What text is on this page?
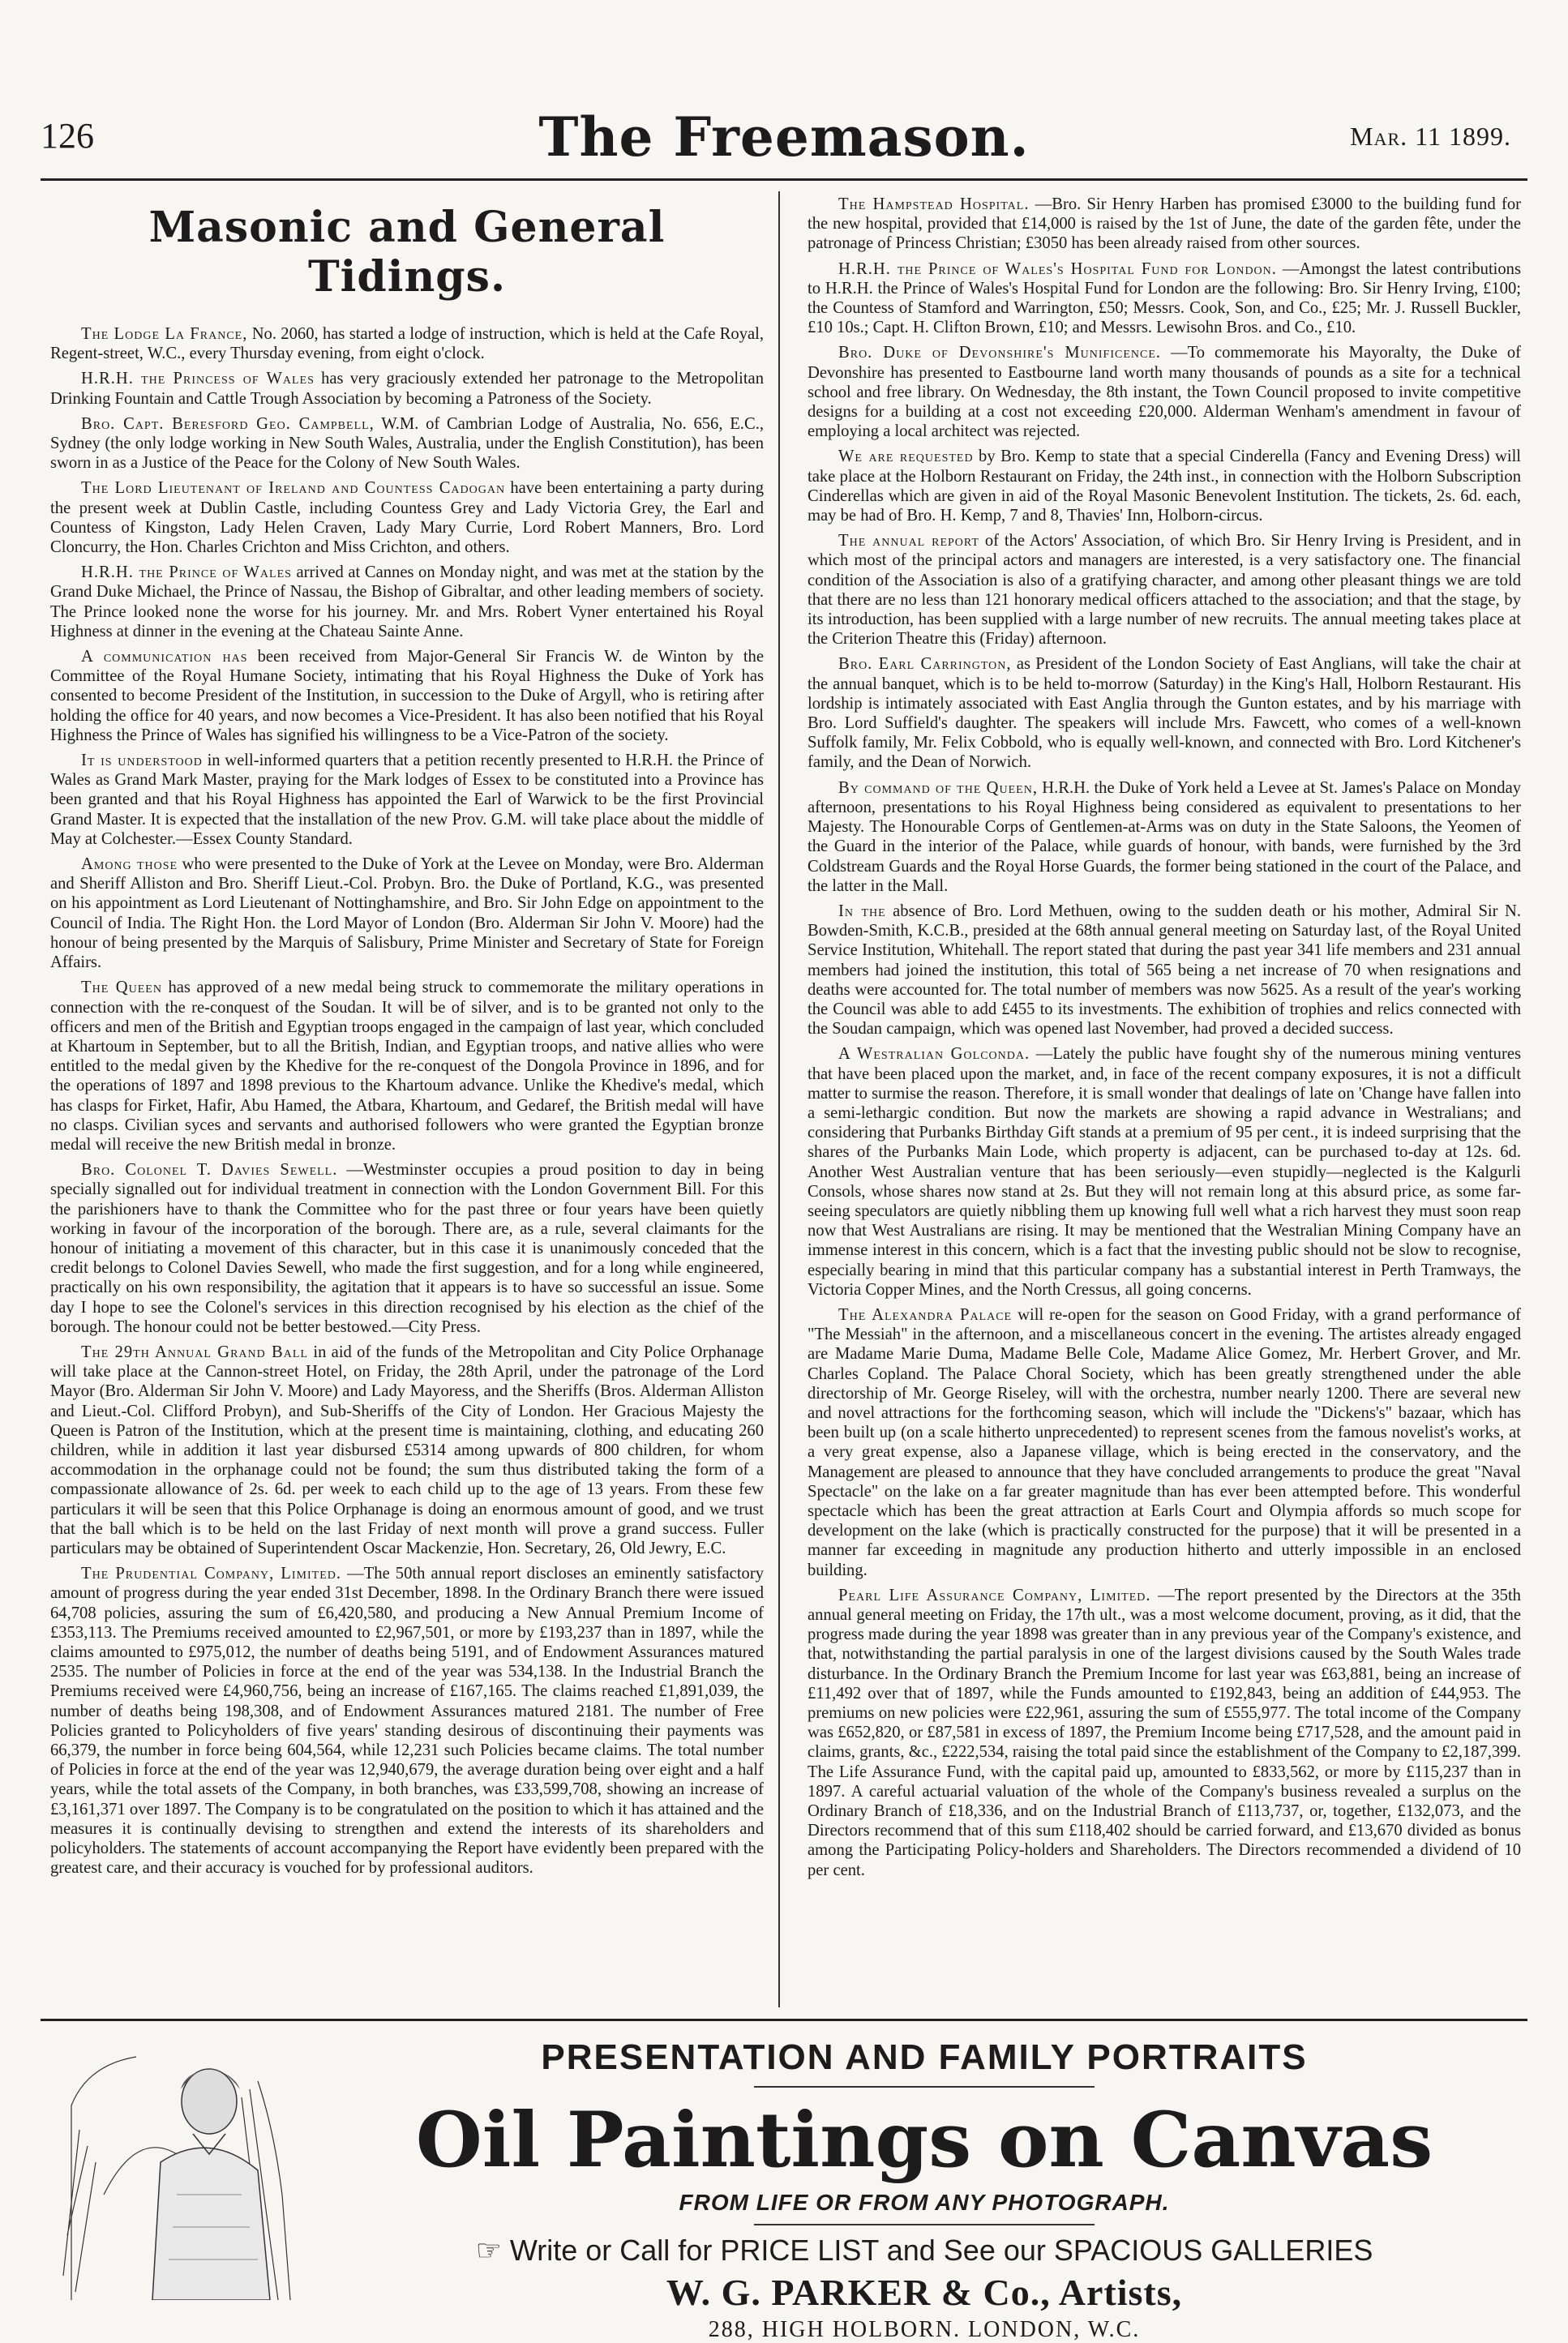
126	The Freemason.	Mar. 11 1899.
Masonic and General Tidings.

The Lodge La France, No. 2060, has started a lodge of instruction, which is held at the Cafe Royal, Regent-street, W.C., every Thursday evening, from eight o'clock.

H.R.H. the Princess of Wales has very graciously extended her patronage to the Metropolitan Drinking Fountain and Cattle Trough Association by becoming a Patroness of the Society.

Bro. Capt. Beresford Geo. Campbell, W.M. of Cambrian Lodge of Australia, No. 656, E.C., Sydney (the only lodge working in New South Wales, Australia, under the English Constitution), has been sworn in as a Justice of the Peace for the Colony of New South Wales.

The Lord Lieutenant of Ireland and Countess Cadogan have been entertaining a party during the present week at Dublin Castle, including Countess Grey and Lady Victoria Grey, the Earl and Countess of Kingston, Lady Helen Craven, Lady Mary Currie, Lord Robert Manners, Bro. Lord Cloncurry, the Hon. Charles Crichton and Miss Crichton, and others.

H.R.H. the Prince of Wales arrived at Cannes on Monday night, and was met at the station by the Grand Duke Michael, the Prince of Nassau, the Bishop of Gibraltar, and other leading members of society. The Prince looked none the worse for his journey. Mr. and Mrs. Robert Vyner entertained his Royal Highness at dinner in the evening at the Chateau Sainte Anne.

A communication has been received from Major-General Sir Francis W. de Winton by the Committee of the Royal Humane Society, intimating that his Royal Highness the Duke of York has consented to become President of the Institution, in succession to the Duke of Argyll, who is retiring after holding the office for 40 years, and now becomes a Vice-President. It has also been notified that his Royal Highness the Prince of Wales has signified his willingness to be a Vice-Patron of the society.

It is understood in well-informed quarters that a petition recently presented to H.R.H. the Prince of Wales as Grand Mark Master, praying for the Mark lodges of Essex to be constituted into a Province has been granted and that his Royal Highness has appointed the Earl of Warwick to be the first Provincial Grand Master. It is expected that the installation of the new Prov. G.M. will take place about the middle of May at Colchester.—Essex County Standard.

Among those who were presented to the Duke of York at the Levee on Monday, were Bro. Alderman and Sheriff Alliston and Bro. Sheriff Lieut.-Col. Probyn. Bro. the Duke of Portland, K.G., was presented on his appointment as Lord Lieutenant of Nottinghamshire, and Bro. Sir John Edge on appointment to the Council of India. The Right Hon. the Lord Mayor of London (Bro. Alderman Sir John V. Moore) had the honour of being presented by the Marquis of Salisbury, Prime Minister and Secretary of State for Foreign Affairs.

The Queen has approved of a new medal being struck to commemorate the military operations in connection with the re-conquest of the Soudan. It will be of silver, and is to be granted not only to the officers and men of the British and Egyptian troops engaged in the campaign of last year, which concluded at Khartoum in September, but to all the British, Indian, and Egyptian troops, and native allies who were entitled to the medal given by the Khedive for the re-conquest of the Dongola Province in 1896, and for the operations of 1897 and 1898 previous to the Khartoum advance. Unlike the Khedive's medal, which has clasps for Firket, Hafir, Abu Hamed, the Atbara, Khartoum, and Gedaref, the British medal will have no clasps. Civilian syces and servants and authorised followers who were granted the Egyptian bronze medal will receive the new British medal in bronze.

Bro. Colonel T. Davies Sewell. —Westminster occupies a proud position to day in being specially signalled out for individual treatment in connection with the London Government Bill. For this the parishioners have to thank the Committee who for the past three or four years have been quietly working in favour of the incorporation of the borough. There are, as a rule, several claimants for the honour of initiating a movement of this character, but in this case it is unanimously conceded that the credit belongs to Colonel Davies Sewell, who made the first suggestion, and for a long while engineered, practically on his own responsibility, the agitation that it appears is to have so successful an issue. Some day I hope to see the Colonel's services in this direction recognised by his election as the chief of the borough. The honour could not be better bestowed.—City Press.

The 29th Annual Grand Ball in aid of the funds of the Metropolitan and City Police Orphanage will take place at the Cannon-street Hotel, on Friday, the 28th April, under the patronage of the Lord Mayor (Bro. Alderman Sir John V. Moore) and Lady Mayoress, and the Sheriffs (Bros. Alderman Alliston and Lieut.-Col. Clifford Probyn), and Sub-Sheriffs of the City of London. Her Gracious Majesty the Queen is Patron of the Institution, which at the present time is maintaining, clothing, and educating 260 children, while in addition it last year disbursed £5314 among upwards of 800 children, for whom accommodation in the orphanage could not be found; the sum thus distributed taking the form of a compassionate allowance of 2s. 6d. per week to each child up to the age of 13 years. From these few particulars it will be seen that this Police Orphanage is doing an enormous amount of good, and we trust that the ball which is to be held on the last Friday of next month will prove a grand success. Fuller particulars may be obtained of Superintendent Oscar Mackenzie, Hon. Secretary, 26, Old Jewry, E.C.

The Prudential Company, Limited. —The 50th annual report discloses an eminently satisfactory amount of progress during the year ended 31st December, 1898. In the Ordinary Branch there were issued 64,708 policies, assuring the sum of £6,420,580, and producing a New Annual Premium Income of £353,113. The Premiums received amounted to £2,967,501, or more by £193,237 than in 1897, while the claims amounted to £975,012, the number of deaths being 5191, and of Endowment Assurances matured 2535. The number of Policies in force at the end of the year was 534,138. In the Industrial Branch the Premiums received were £4,960,756, being an increase of £167,165. The claims reached £1,891,039, the number of deaths being 198,308, and of Endowment Assurances matured 2181. The number of Free Policies granted to Policyholders of five years' standing desirous of discontinuing their payments was 66,379, the number in force being 604,564, while 12,231 such Policies became claims. The total number of Policies in force at the end of the year was 12,940,679, the average duration being over eight and a half years, while the total assets of the Company, in both branches, was £33,599,708, showing an increase of £3,161,371 over 1897. The Company is to be congratulated on the position to which it has attained and the measures it is continually devising to strengthen and extend the interests of its shareholders and policyholders. The statements of account accompanying the Report have evidently been prepared with the greatest care, and their accuracy is vouched for by professional auditors.

The Hampstead Hospital. —Bro. Sir Henry Harben has promised £3000 to the building fund for the new hospital, provided that £14,000 is raised by the 1st of June, the date of the garden fête, under the patronage of Princess Christian; £3050 has been already raised from other sources.

H.R.H. the Prince of Wales's Hospital Fund for London. —Amongst the latest contributions to H.R.H. the Prince of Wales's Hospital Fund for London are the following: Bro. Sir Henry Irving, £100; the Countess of Stamford and Warrington, £50; Messrs. Cook, Son, and Co., £25; Mr. J. Russell Buckler, £10 10s.; Capt. H. Clifton Brown, £10; and Messrs. Lewisohn Bros. and Co., £10.

Bro. Duke of Devonshire's Munificence. —To commemorate his Mayoralty, the Duke of Devonshire has presented to Eastbourne land worth many thousands of pounds as a site for a technical school and free library. On Wednesday, the 8th instant, the Town Council proposed to invite competitive designs for a building at a cost not exceeding £20,000. Alderman Wenham's amendment in favour of employing a local architect was rejected.

We are requested by Bro. Kemp to state that a special Cinderella (Fancy and Evening Dress) will take place at the Holborn Restaurant on Friday, the 24th inst., in connection with the Holborn Subscription Cinderellas which are given in aid of the Royal Masonic Benevolent Institution. The tickets, 2s. 6d. each, may be had of Bro. H. Kemp, 7 and 8, Thavies' Inn, Holborn-circus.

The annual report of the Actors' Association, of which Bro. Sir Henry Irving is President, and in which most of the principal actors and managers are interested, is a very satisfactory one. The financial condition of the Association is also of a gratifying character, and among other pleasant things we are told that there are no less than 121 honorary medical officers attached to the association; and that the stage, by its introduction, has been supplied with a large number of new recruits. The annual meeting takes place at the Criterion Theatre this (Friday) afternoon.

Bro. Earl Carrington, as President of the London Society of East Anglians, will take the chair at the annual banquet, which is to be held to-morrow (Saturday) in the King's Hall, Holborn Restaurant. His lordship is intimately associated with East Anglia through the Gunton estates, and by his marriage with Bro. Lord Suffield's daughter. The speakers will include Mrs. Fawcett, who comes of a well-known Suffolk family, Mr. Felix Cobbold, who is equally well-known, and connected with Bro. Lord Kitchener's family, and the Dean of Norwich.

By command of the Queen, H.R.H. the Duke of York held a Levee at St. James's Palace on Monday afternoon, presentations to his Royal Highness being considered as equivalent to presentations to her Majesty. The Honourable Corps of Gentlemen-at-Arms was on duty in the State Saloons, the Yeomen of the Guard in the interior of the Palace, while guards of honour, with bands, were furnished by the 3rd Coldstream Guards and the Royal Horse Guards, the former being stationed in the court of the Palace, and the latter in the Mall.

In the absence of Bro. Lord Methuen, owing to the sudden death or his mother, Admiral Sir N. Bowden-Smith, K.C.B., presided at the 68th annual general meeting on Saturday last, of the Royal United Service Institution, Whitehall. The report stated that during the past year 341 life members and 231 annual members had joined the institution, this total of 565 being a net increase of 70 when resignations and deaths were accounted for. The total number of members was now 5625. As a result of the year's working the Council was able to add £455 to its investments. The exhibition of trophies and relics connected with the Soudan campaign, which was opened last November, had proved a decided success.

A Westralian Golconda. —Lately the public have fought shy of the numerous mining ventures that have been placed upon the market, and, in face of the recent company exposures, it is not a difficult matter to surmise the reason. Therefore, it is small wonder that dealings of late on 'Change have fallen into a semi-lethargic condition. But now the markets are showing a rapid advance in Westralians; and considering that Purbanks Birthday Gift stands at a premium of 95 per cent., it is indeed surprising that the shares of the Purbanks Main Lode, which property is adjacent, can be purchased to-day at 12s. 6d. Another West Australian venture that has been seriously—even stupidly—neglected is the Kalgurli Consols, whose shares now stand at 2s. But they will not remain long at this absurd price, as some far-seeing speculators are quietly nibbling them up knowing full well what a rich harvest they must soon reap now that West Australians are rising. It may be mentioned that the Westralian Mining Company have an immense interest in this concern, which is a fact that the investing public should not be slow to recognise, especially bearing in mind that this particular company has a substantial interest in Perth Tramways, the Victoria Copper Mines, and the North Cressus, all going concerns.

The Alexandra Palace will re-open for the season on Good Friday, with a grand performance of "The Messiah" in the afternoon, and a miscellaneous concert in the evening. The artistes already engaged are Madame Marie Duma, Madame Belle Cole, Madame Alice Gomez, Mr. Herbert Grover, and Mr. Charles Copland. The Palace Choral Society, which has been greatly strengthened under the able directorship of Mr. George Riseley, will with the orchestra, number nearly 1200. There are several new and novel attractions for the forthcoming season, which will include the "Dickens's" bazaar, which has been built up (on a scale hitherto unprecedented) to represent scenes from the famous novelist's works, at a very great expense, also a Japanese village, which is being erected in the conservatory, and the Management are pleased to announce that they have concluded arrangements to produce the great "Naval Spectacle" on the lake on a far greater magnitude than has ever been attempted before. This wonderful spectacle which has been the great attraction at Earls Court and Olympia affords so much scope for development on the lake (which is practically constructed for the purpose) that it will be presented in a manner far exceeding in magnitude any production hitherto and utterly impossible in an enclosed building.

Pearl Life Assurance Company, Limited. —The report presented by the Directors at the 35th annual general meeting on Friday, the 17th ult., was a most welcome document, proving, as it did, that the progress made during the year 1898 was greater than in any previous year of the Company's existence, and that, notwithstanding the partial paralysis in one of the largest divisions caused by the South Wales trade disturbance. In the Ordinary Branch the Premium Income for last year was £63,881, being an increase of £11,492 over that of 1897, while the Funds amounted to £192,843, being an addition of £44,953. The premiums on new policies were £22,961, assuring the sum of £555,977. The total income of the Company was £652,820, or £87,581 in excess of 1897, the Premium Income being £717,528, and the amount paid in claims, grants, &c., £222,534, raising the total paid since the establishment of the Company to £2,187,399. The Life Assurance Fund, with the capital paid up, amounted to £833,562, or more by £115,237 than in 1897. A careful actuarial valuation of the whole of the Company's business revealed a surplus on the Ordinary Branch of £18,336, and on the Industrial Branch of £113,737, or, together, £132,073, and the Directors recommend that of this sum £118,402 should be carried forward, and £13,670 divided as bonus among the Participating Policy-holders and Shareholders. The Directors recommended a dividend of 10 per cent.

PRESENTATION AND FAMILY PORTRAITS
Oil Paintings on Canvas
FROM LIFE OR FROM ANY PHOTOGRAPH.
☞ Write or Call for PRICE LIST and See our SPACIOUS GALLERIES
W. G. PARKER & Co., Artists,
288, HIGH HOLBORN. LONDON, W.C.
